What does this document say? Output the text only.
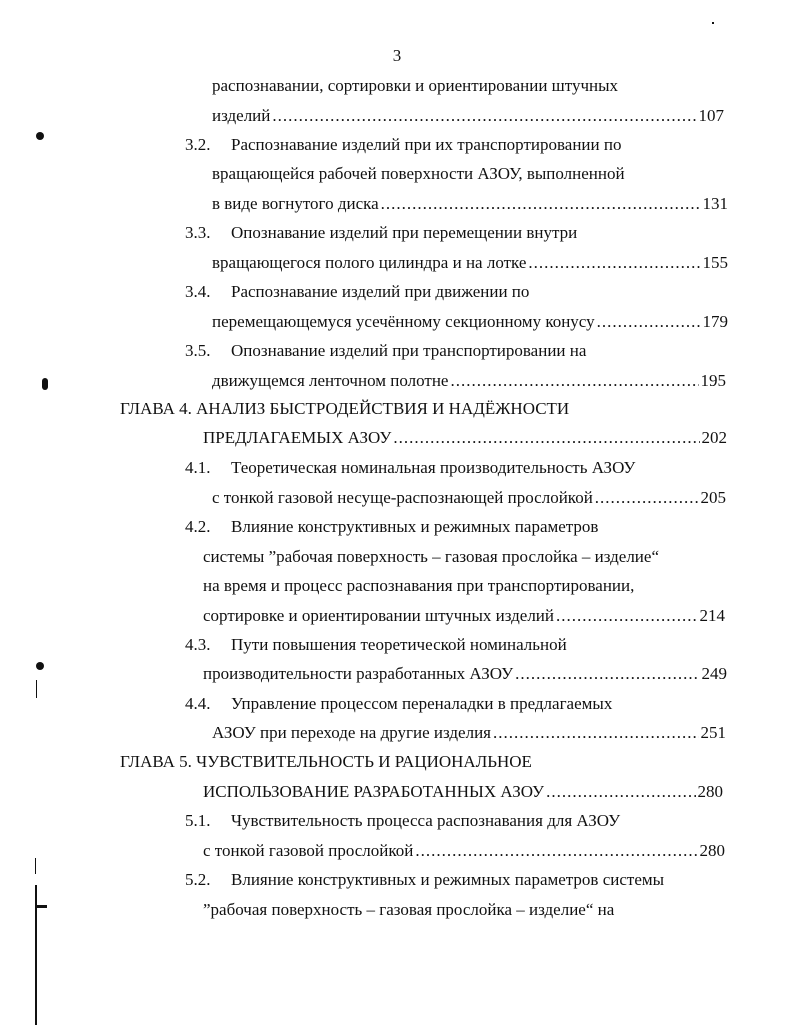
3
распознавании, сортировки и ориентировании штучных
изделий .....	107
3.2. Распознавание изделий при их транспортировании по
вращающейся рабочей поверхности АЗОУ, выполненной
в виде вогнутого диска .....	131
3.3. Опознавание изделий при перемещении внутри
вращающегося полого цилиндра и на лотке .....	155
3.4. Распознавание изделий при движении по
перемещающемуся усечённому секционному конусу .....	179
3.5. Опознавание изделий при транспортировании на
движущемся ленточном полотне .....	195
ГЛАВА 4. АНАЛИЗ БЫСТРОДЕЙСТВИЯ И НАДЁЖНОСТИ
ПРЕДЛАГАЕМЫХ АЗОУ .....	202
4.1. Теоретическая номинальная производительность АЗОУ
с тонкой газовой несуще-распознающей прослойкой .....	205
4.2. Влияние конструктивных и режимных параметров
системы ”рабочая поверхность – газовая прослойка – изделие“
на время и процесс распознавания при транспортировании,
сортировке и ориентировании штучных изделий .....	214
4.3. Пути повышения теоретической номинальной
производительности разработанных АЗОУ .....	249
4.4. Управление процессом переналадки в предлагаемых
АЗОУ при переходе на другие изделия .....	251
ГЛАВА 5. ЧУВСТВИТЕЛЬНОСТЬ И РАЦИОНАЛЬНОЕ
ИСПОЛЬЗОВАНИЕ РАЗРАБОТАННЫХ АЗОУ .....	280
5.1. Чувствительность процесса распознавания для АЗОУ
с тонкой газовой прослойкой .....	280
5.2. Влияние конструктивных и режимных параметров системы
”рабочая поверхность – газовая прослойка – изделие“ на
